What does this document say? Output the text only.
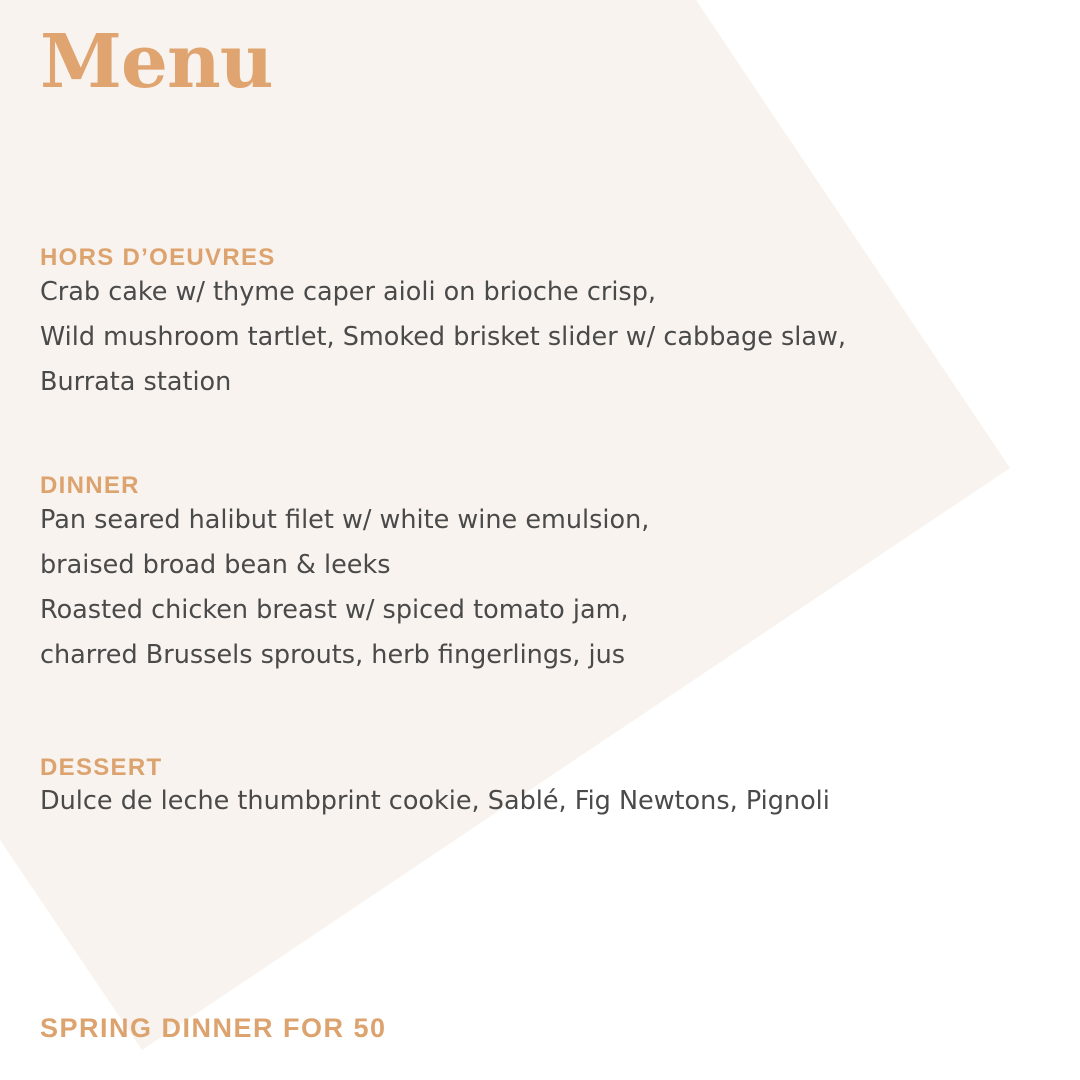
Menu
HORS D’OEUVRES
Crab cake w/ thyme caper aioli on brioche crisp,
Wild mushroom tartlet, Smoked brisket slider w/ cabbage slaw,
Burrata station
DINNER
Pan seared halibut filet w/ white wine emulsion,
braised broad bean & leeks
Roasted chicken breast w/ spiced tomato jam,
charred Brussels sprouts, herb fingerlings, jus
DESSERT
Dulce de leche thumbprint cookie, Sablé, Fig Newtons, Pignoli

SPRING DINNER FOR 50
